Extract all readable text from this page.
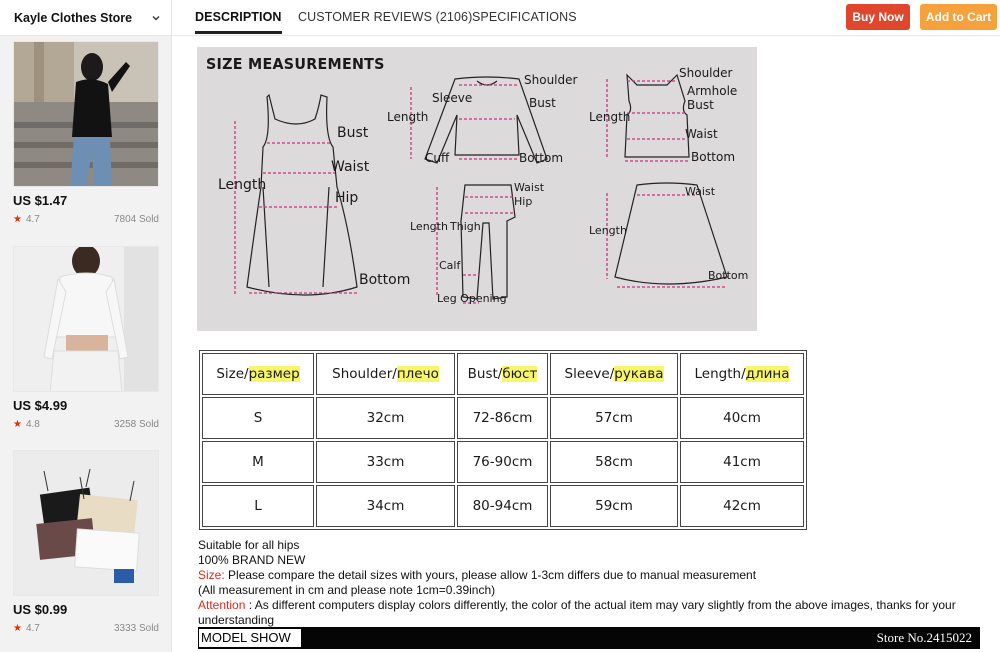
Kayle Clothes Store
US $1.47
★ 4.7	7804 Sold
US $4.99
★ 4.8	3258 Sold
US $0.99
★ 4.7	3333 Sold
DESCRIPTION CUSTOMER REVIEWS (2106) SPECIFICATIONS	Buy Now	Add to Cart
SIZE MEASUREMENTS
Bust
Waist
Hip
Length
Bottom
Shoulder
Sleeve	Bust
Length
Cuff	Bottom
Shoulder
Armhole
Bust
Length
Waist
Bottom
Waist
Hip
Length Thigh
Calf
Leg Opening
Waist
Length
Bottom
Size/размер	Shoulder/плечо	Bust/бюст	Sleeve/рукава	Length/длина
S	32cm	72-86cm	57cm	40cm
M	33cm	76-90cm	58cm	41cm
L	34cm	80-94cm	59cm	42cm
Suitable for all hips
100% BRAND NEW
Size: Please compare the detail sizes with yours, please allow 1-3cm differs due to manual measurement
(All measurement in cm and please note 1cm=0.39inch)
Attention : As different computers display colors differently, the color of the actual item may vary slightly from the above images, thanks for your understanding
MODEL SHOW	Store No.2415022
